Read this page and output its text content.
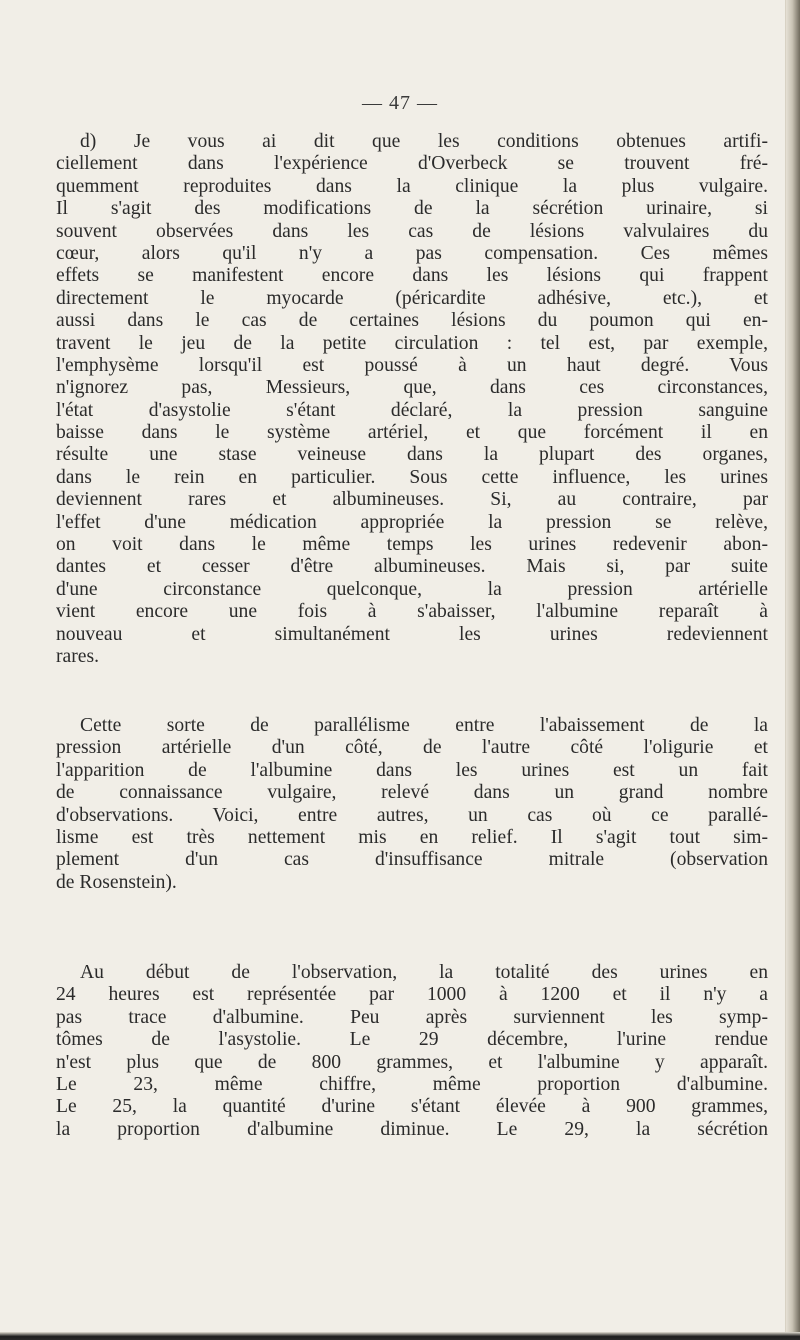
— 47 —
d) Je vous ai dit que les conditions obtenues artifi-
ciellement dans l'expérience d'Overbeck se trouvent fré-
quemment reproduites dans la clinique la plus vulgaire.
Il s'agit des modifications de la sécrétion urinaire, si
souvent observées dans les cas de lésions valvulaires du
cœur, alors qu'il n'y a pas compensation. Ces mêmes
effets se manifestent encore dans les lésions qui frappent
directement le myocarde (péricardite adhésive, etc.), et
aussi dans le cas de certaines lésions du poumon qui en-
travent le jeu de la petite circulation : tel est, par exemple,
l'emphysème lorsqu'il est poussé à un haut degré. Vous
n'ignorez pas, Messieurs, que, dans ces circonstances,
l'état d'asystolie s'étant déclaré, la pression sanguine
baisse dans le système artériel, et que forcément il en
résulte une stase veineuse dans la plupart des organes,
dans le rein en particulier. Sous cette influence, les urines
deviennent rares et albumineuses. Si, au contraire, par
l'effet d'une médication appropriée la pression se relève,
on voit dans le même temps les urines redevenir abon-
dantes et cesser d'être albumineuses. Mais si, par suite
d'une circonstance quelconque, la pression artérielle
vient encore une fois à s'abaisser, l'albumine reparaît à
nouveau et simultanément les urines redeviennent
rares.
Cette sorte de parallélisme entre l'abaissement de la
pression artérielle d'un côté, de l'autre côté l'oligurie et
l'apparition de l'albumine dans les urines est un fait
de connaissance vulgaire, relevé dans un grand nombre
d'observations. Voici, entre autres, un cas où ce parallé-
lisme est très nettement mis en relief. Il s'agit tout sim-
plement d'un cas d'insuffisance mitrale (observation
de Rosenstein).
Au début de l'observation, la totalité des urines en
24 heures est représentée par 1000 à 1200 et il n'y a
pas trace d'albumine. Peu après surviennent les symp-
tômes de l'asystolie. Le 29 décembre, l'urine rendue
n'est plus que de 800 grammes, et l'albumine y apparaît.
Le 23, même chiffre, même proportion d'albumine.
Le 25, la quantité d'urine s'étant élevée à 900 grammes,
la proportion d'albumine diminue. Le 29, la sécrétion
